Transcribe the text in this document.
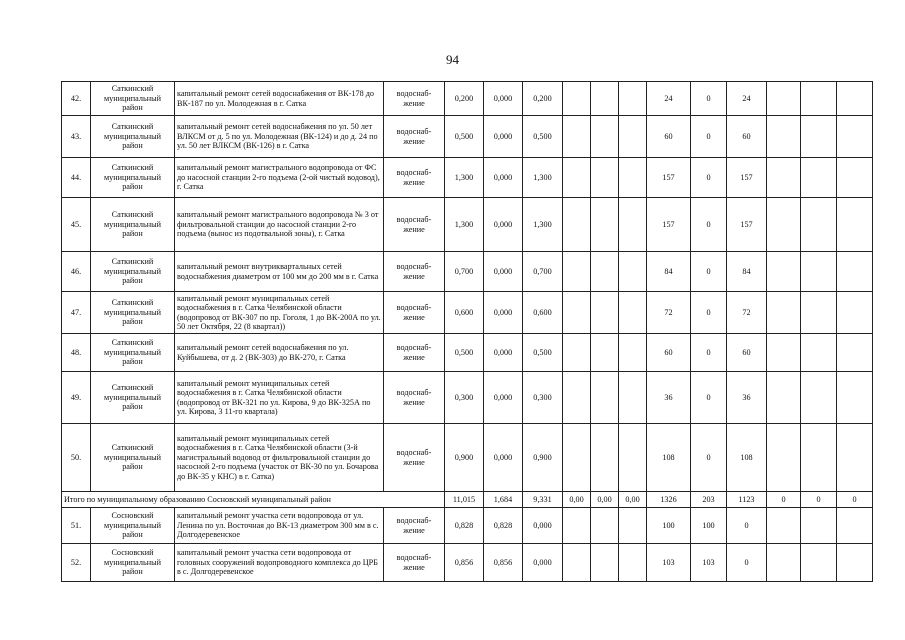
94
42.	Саткинский муниципальный район	капитальный ремонт сетей водоснабжения от ВК-178 до ВК-187 по ул. Молодежная в г. Сатка	водоснаб-жение	0,200	0,000	0,200				24	0	24			
43.	Саткинский муниципальный район	капитальный ремонт сетей водоснабжения по ул. 50 лет ВЛКСМ от д. 5 по ул. Молодежная (ВК-124) и до д. 24 по ул. 50 лет ВЛКСМ (ВК-126) в г. Сатка	водоснаб-жение	0,500	0,000	0,500				60	0	60			
44.	Саткинский муниципальный район	капитальный ремонт магистрального водопровода от ФС до насосной станции 2-го подъема (2-ой чистый водовод), г. Сатка	водоснаб-жение	1,300	0,000	1,300				157	0	157			
45.	Саткинский муниципальный район	капитальный ремонт магистрального водопровода № 3 от фильтровальной станции до насосной станции 2-го подъема (вынос из подотвальной зоны), г. Сатка	водоснаб-жение	1,300	0,000	1,300				157	0	157			
46.	Саткинский муниципальный район	капитальный ремонт внутриквартальных сетей водоснабжения диаметром от 100 мм до 200 мм в г. Сатка	водоснаб-жение	0,700	0,000	0,700				84	0	84			
47.	Саткинский муниципальный район	капитальный ремонт муниципальных сетей водоснабжения в г. Сатка Челябинской области (водопровод от ВК-307 по пр. Гоголя, 1 до ВК-200А по ул. 50 лет Октября, 22 (8 квартал))	водоснаб-жение	0,600	0,000	0,600				72	0	72			
48.	Саткинский муниципальный район	капитальный ремонт сетей водоснабжения по ул. Куйбышева, от д. 2 (ВК-303) до ВК-270, г. Сатка	водоснаб-жение	0,500	0,000	0,500				60	0	60			
49.	Саткинский муниципальный район	капитальный ремонт муниципальных сетей водоснабжения в г. Сатка Челябинской области (водопровод от ВК-321 по ул. Кирова, 9 до ВК-325А по ул. Кирова, 3 11-го квартала)	водоснаб-жение	0,300	0,000	0,300				36	0	36			
50.	Саткинский муниципальный район	капитальный ремонт муниципальных сетей водоснабжения в г. Сатка Челябинской области (3-й магистральный водовод от фильтровальной станции до насосной 2-го подъема (участок от ВК-30 по ул. Бочарова до ВК-35 у КНС) в г. Сатка)	водоснаб-жение	0,900	0,000	0,900				108	0	108			
Итого по муниципальному образованию Сосновский муниципальный район				11,015	1,684	9,331	0,00	0,00	0,00	1326	203	1123	0	0	0
51.	Сосновский муниципальный район	капитальный ремонт участка сети водопровода от ул. Ленина по ул. Восточная до ВК-13 диаметром 300 мм в с. Долгодеревенское	водоснаб-жение	0,828	0,828	0,000				100	100	0			
52.	Сосновский муниципальный район	капитальный ремонт участка сети водопровода от головных сооружений водопроводного комплекса до ЦРБ в с. Долгодеревенское	водоснаб-жение	0,856	0,856	0,000				103	103	0			
